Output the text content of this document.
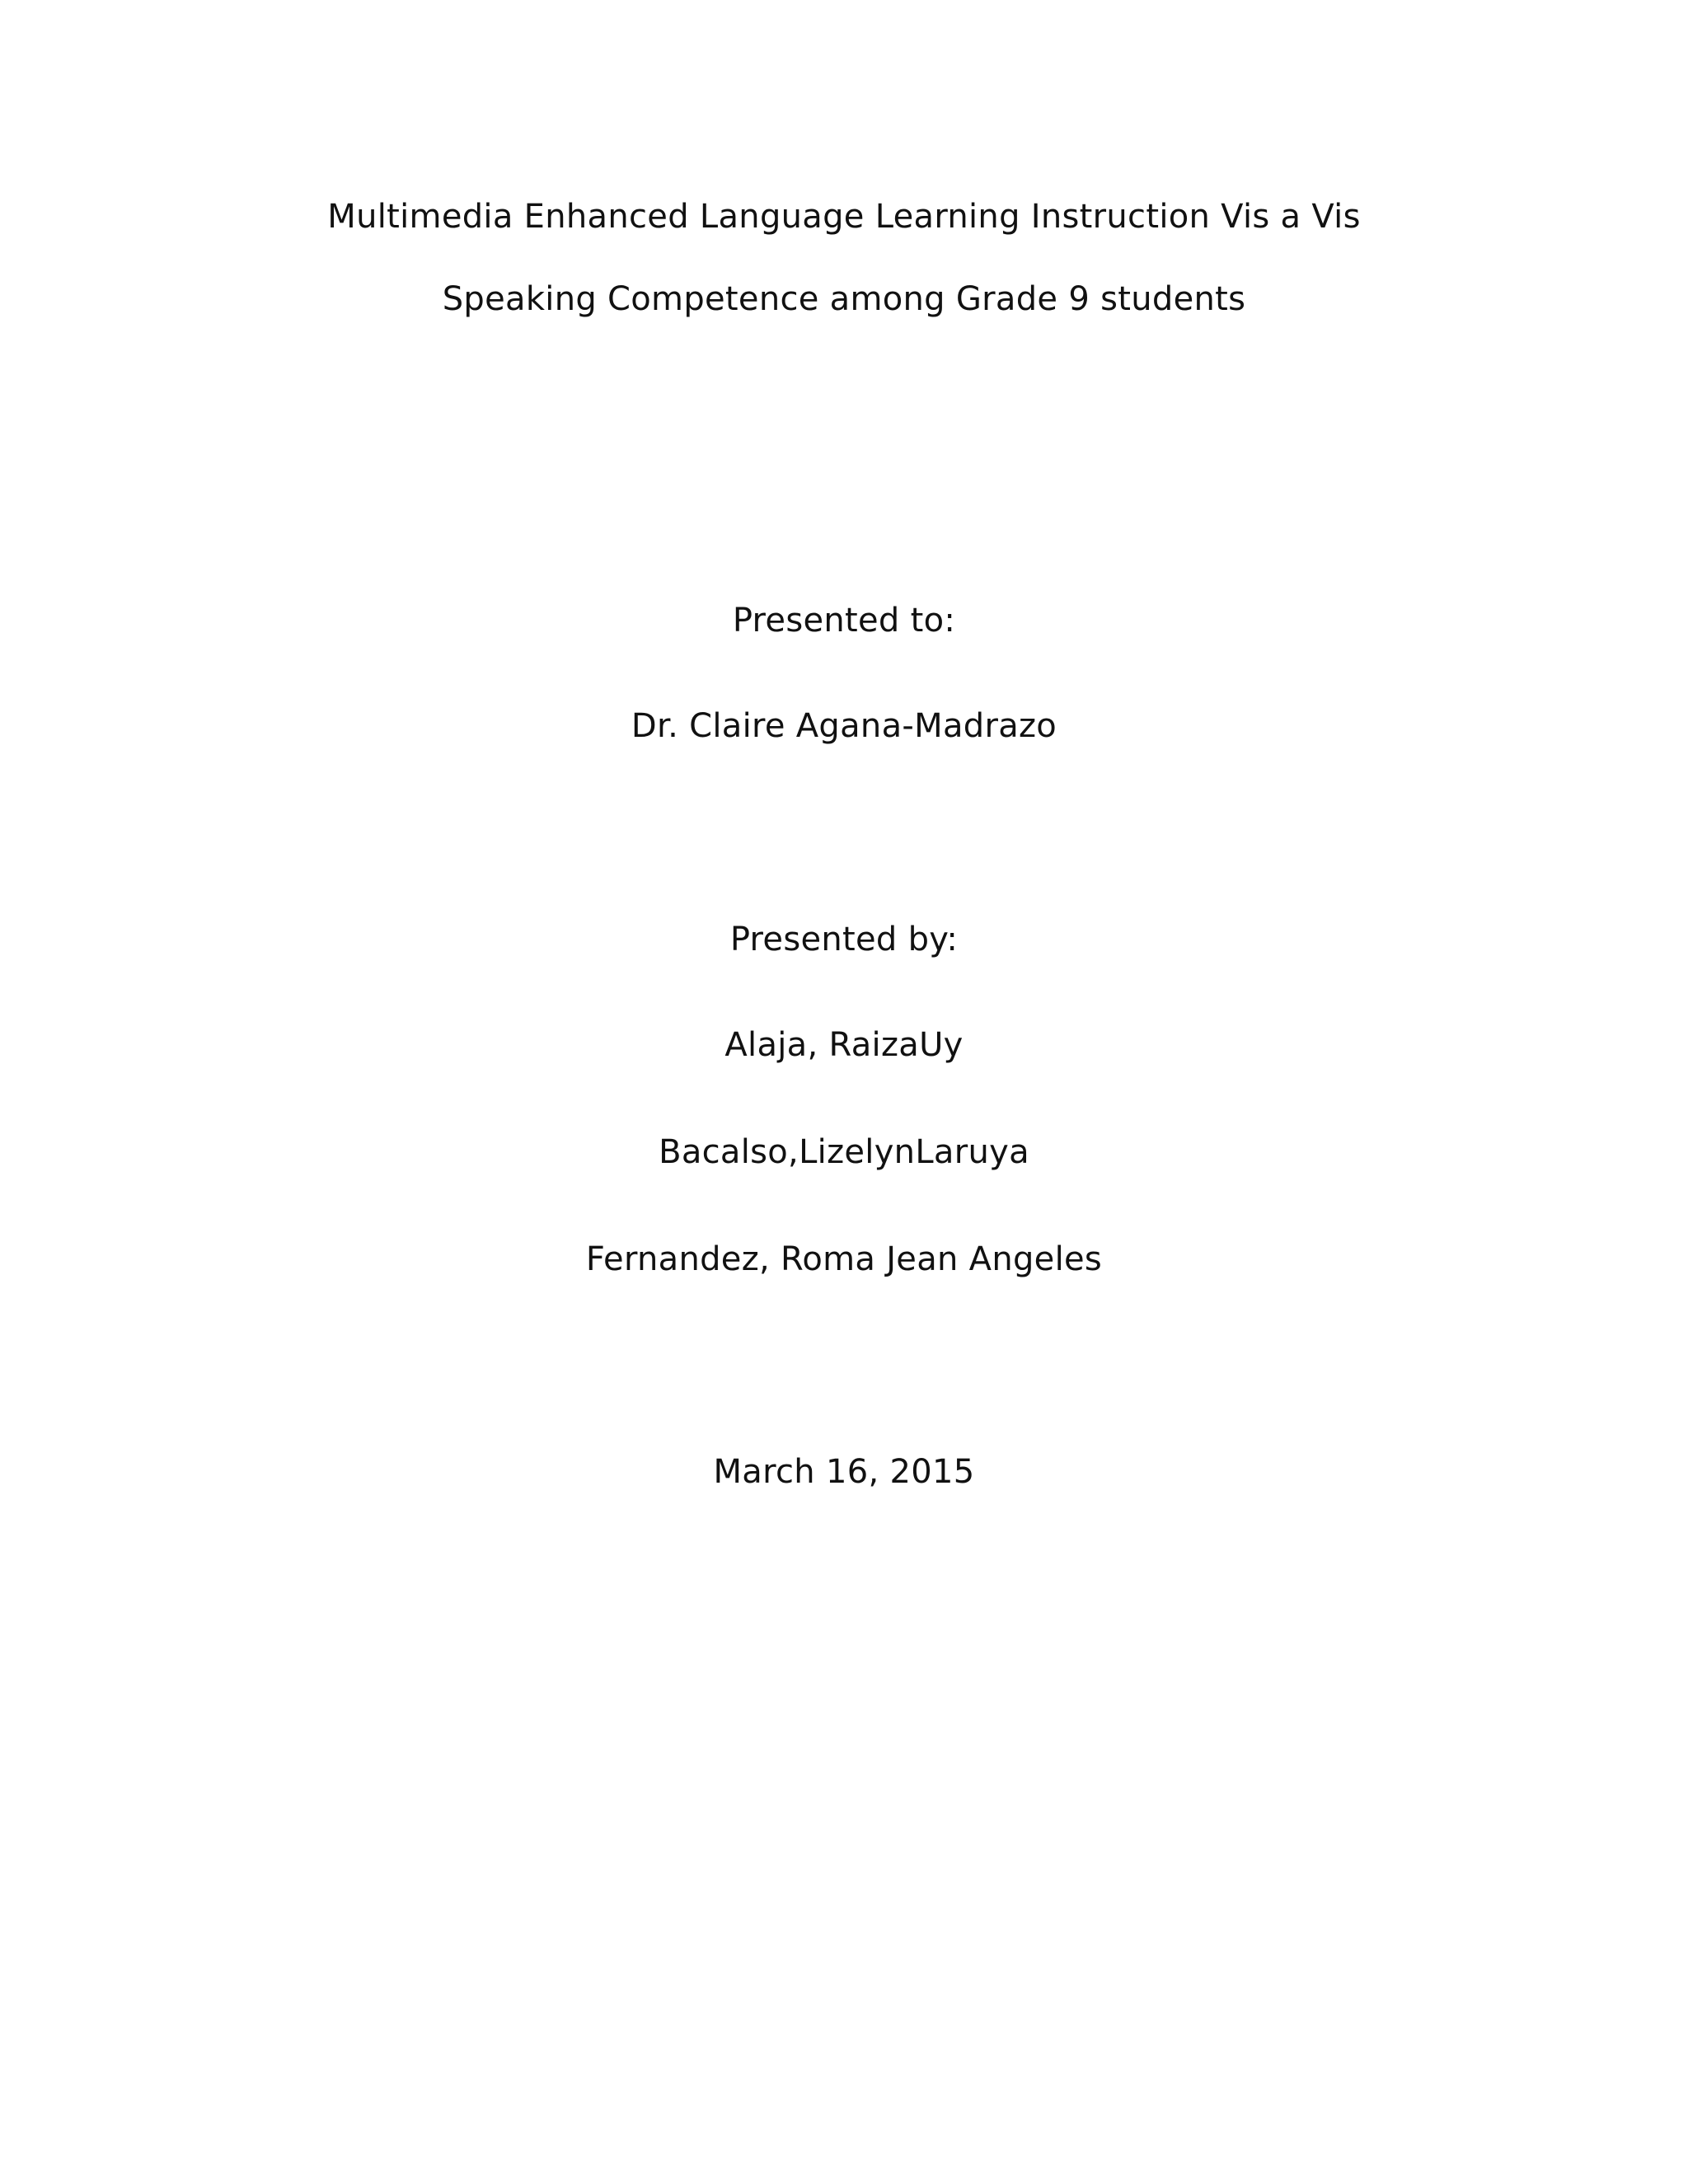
Multimedia Enhanced Language Learning Instruction Vis a Vis
Speaking Competence among Grade 9 students
Presented to:
Dr. Claire Agana-Madrazo
Presented by:
Alaja, RaizaUy
Bacalso,LizelynLaruya
Fernandez, Roma Jean Angeles
March 16, 2015
